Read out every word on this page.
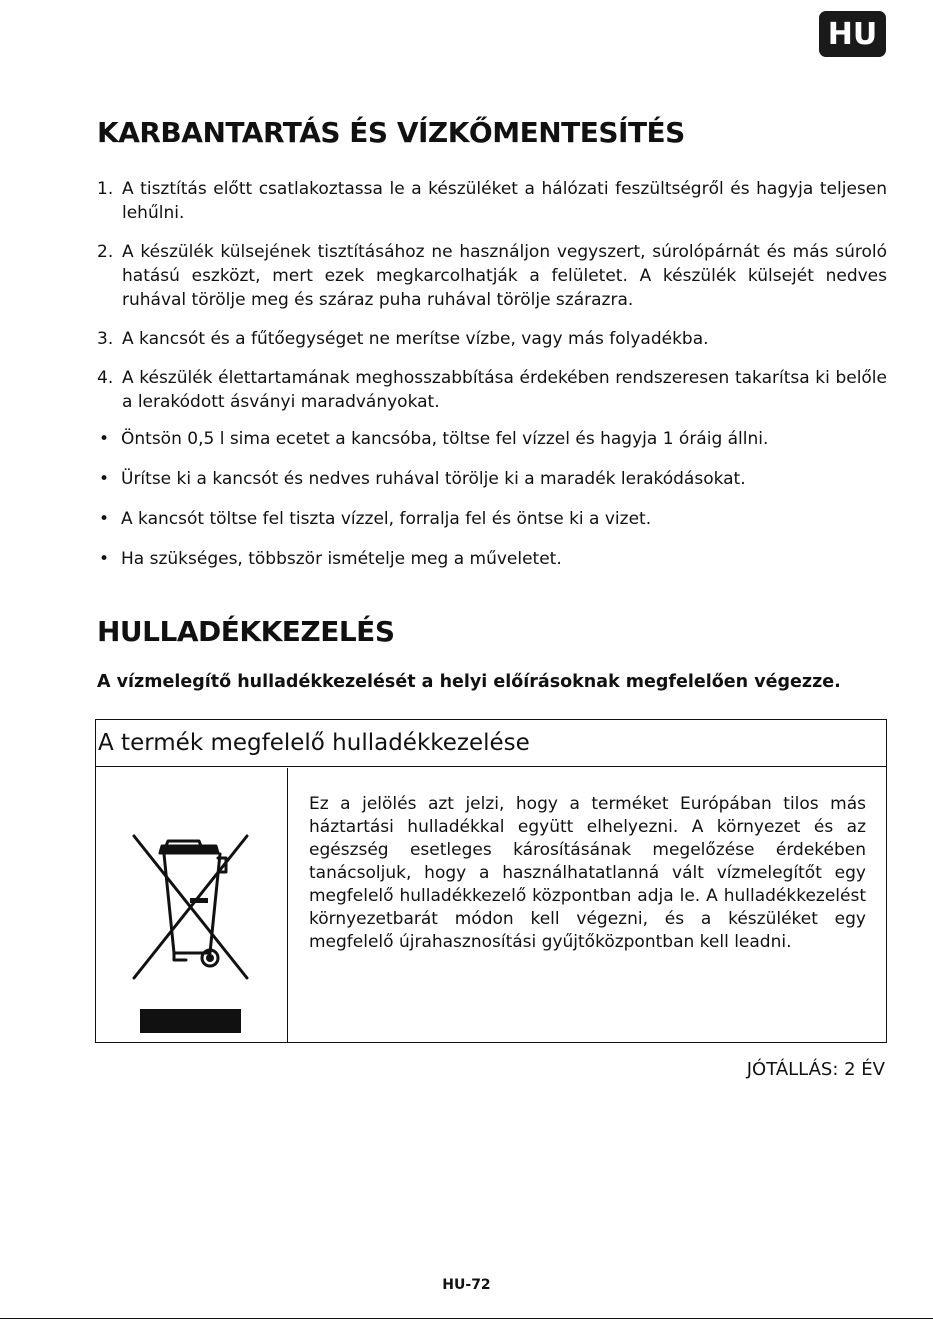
HU
KARBANTARTÁS ÉS VÍZKŐMENTESÍTÉS
1. A tisztítás előtt csatlakoztassa le a készüléket a hálózati feszültségről és hagyja teljesen lehűlni.
2. A készülék külsejének tisztításához ne használjon vegyszert, súrolópárnát és más súroló hatású eszközt, mert ezek megkarcolhatják a felületet. A készülék külsejét nedves ruhával törölje meg és száraz puha ruhával törölje szárazra.
3. A kancsót és a fűtőegységet ne merítse vízbe, vagy más folyadékba.
4. A készülék élettartamának meghosszabbítása érdekében rendszeresen takarítsa ki belőle a lerakódott ásványi maradványokat.
• Öntsön 0,5 l sima ecetet a kancsóba, töltse fel vízzel és hagyja 1 óráig állni.
• Ürítse ki a kancsót és nedves ruhával törölje ki a maradék lerakódásokat.
• A kancsót töltse fel tiszta vízzel, forralja fel és öntse ki a vizet.
• Ha szükséges, többször ismételje meg a műveletet.
HULLADÉKKEZELÉS

A vízmelegítő hulladékkezelését a helyi előírásoknak megfelelően végezze.

A termék megfelelő hulladékkezelése
Ez a jelölés azt jelzi, hogy a terméket Európában tilos más háztartási hulladékkal együtt elhelyezni. A környezet és az egészség esetleges károsításának megelőzése érdekében tanácsoljuk, hogy a használhatatlanná vált vízmelegítőt egy megfelelő hulladékkezelő központban adja le. A hulladékkezelést környezetbarát módon kell végezni, és a készüléket egy megfelelő újrahasznosítási gyűjtőközpontban kell leadni.
JÓTÁLLÁS: 2 ÉV
HU-72
